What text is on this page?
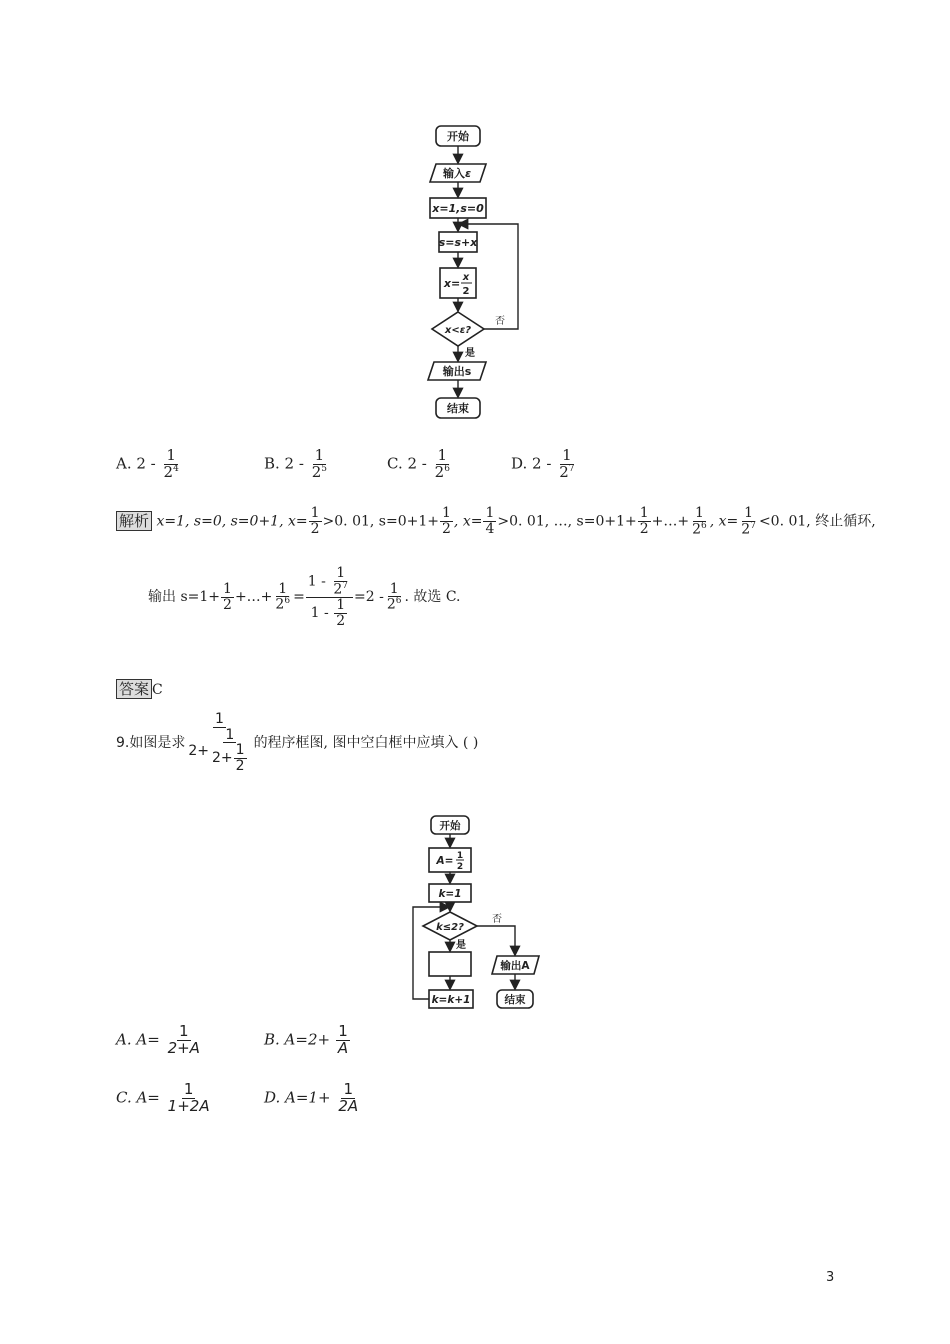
开始
输入ε
x=1,s=0
s=s+x
x= x
2
x<ε?
否
是
输出s
结束
A. $2 - \frac{1}{2^4}$	B. $2 - \frac{1}{2^5}$	C. $2 - \frac{1}{2^6}$	D. $2 - \frac{1}{2^7}$
解析 x=1, s=0, s=0+1, $x= \frac{1}{2} >0$. 01, $s=0+1+ \frac{1}{2}$ , $x= \frac{1}{4} >0$. 01, …, $s=0+1+ \frac{1}{2}$ +…+ $\frac{1}{2^6}$ , $x= \frac{1}{2^7} <0$. 01, 终止循环,
输出 $s=1+ \frac{1}{2}$ +…+ $\frac{1}{2^6} = \frac{1 - \frac{1}{2^7}}{1 - \frac{1}{2}} =2 - \frac{1}{2^6}$ . 故选 C.
答案 C
9.如图是求 $\frac{1}{2+ \frac{1}{2+ \frac{1}{2}}}$ 的程序框图, 图中空白框中应填入 ( )
开始
A= 1
2
k=1
k≤2?
否
是
k=k+1
输出A
结束
A. $A= \frac{1}{2+A}$	B. $A=2+ \frac{1}{A}$
C. $A= \frac{1}{1+2A}$	D. $A=1+ \frac{1}{2A}$
3
